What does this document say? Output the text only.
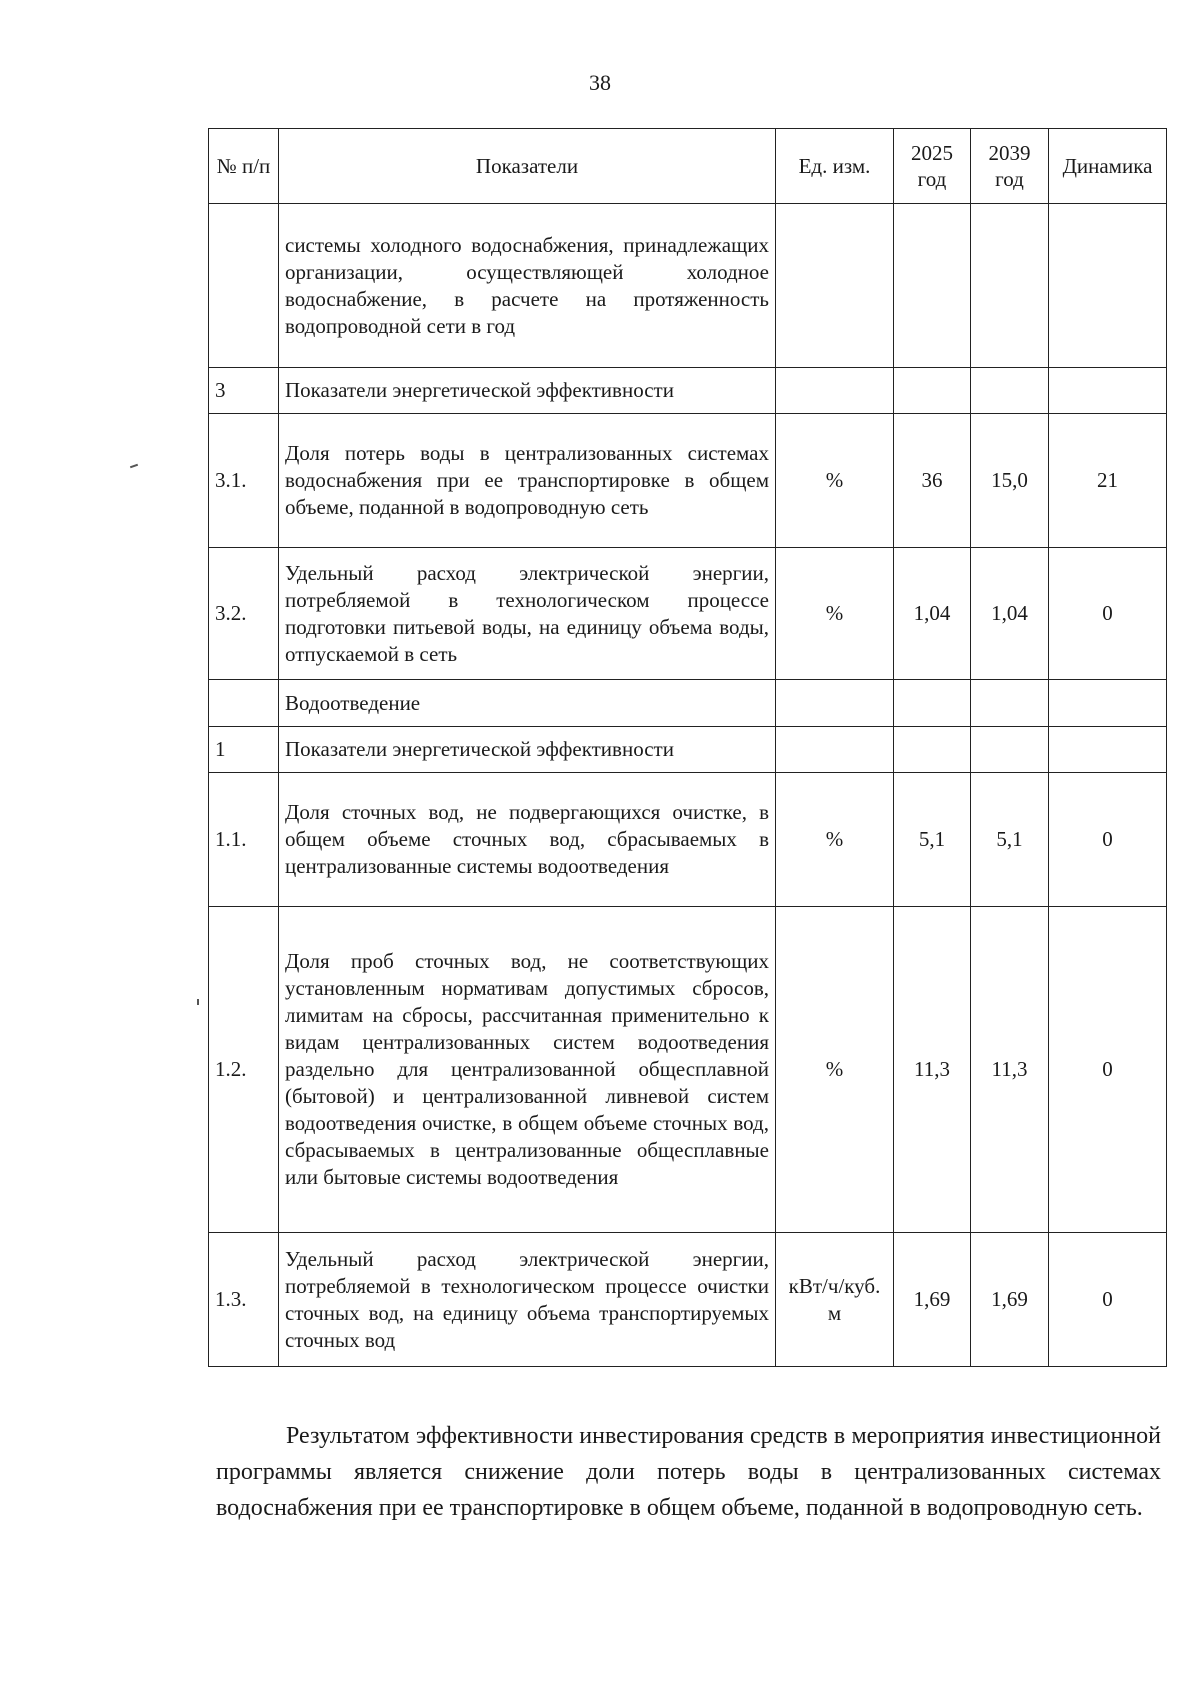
38
№ п/п	Показатели	Ед. изм.	2025 год	2039 год	Динамика
	системы холодного водоснабжения, принадлежащих организации, осуществляющей холодное водоснабжение, в расчете на протяженность водопроводной сети в год				
3	Показатели энергетической эффективности				
3.1.	Доля потерь воды в централизованных системах водоснабжения при ее транспортировке в общем объеме, поданной в водопроводную сеть	%	36	15,0	21
3.2.	Удельный расход электрической энергии, потребляемой в технологическом процессе подготовки питьевой воды, на единицу объема воды, отпускаемой в сеть	%	1,04	1,04	0
	Водоотведение				
1	Показатели энергетической эффективности				
1.1.	Доля сточных вод, не подвергающихся очистке, в общем объеме сточных вод, сбрасываемых в централизованные системы водоотведения	%	5,1	5,1	0
1.2.	Доля проб сточных вод, не соответствующих установленным нормативам допустимых сбросов, лимитам на сбросы, рассчитанная применительно к видам централизованных систем водоотведения раздельно для централизованной общесплавной (бытовой) и централизованной ливневой систем водоотведения очистке, в общем объеме сточных вод, сбрасываемых в централизованные общесплавные или бытовые системы водоотведения	%	11,3	11,3	0
1.3.	Удельный расход электрической энергии, потребляемой в технологическом процессе очистки сточных вод, на единицу объема транспортируемых сточных вод	кВт/ч/куб. м	1,69	1,69	0
Результатом эффективности инвестирования средств в мероприятия инвестиционной программы является снижение доли потерь воды в централизованных системах водоснабжения при ее транспортировке в общем объеме, поданной в водопроводную сеть.
